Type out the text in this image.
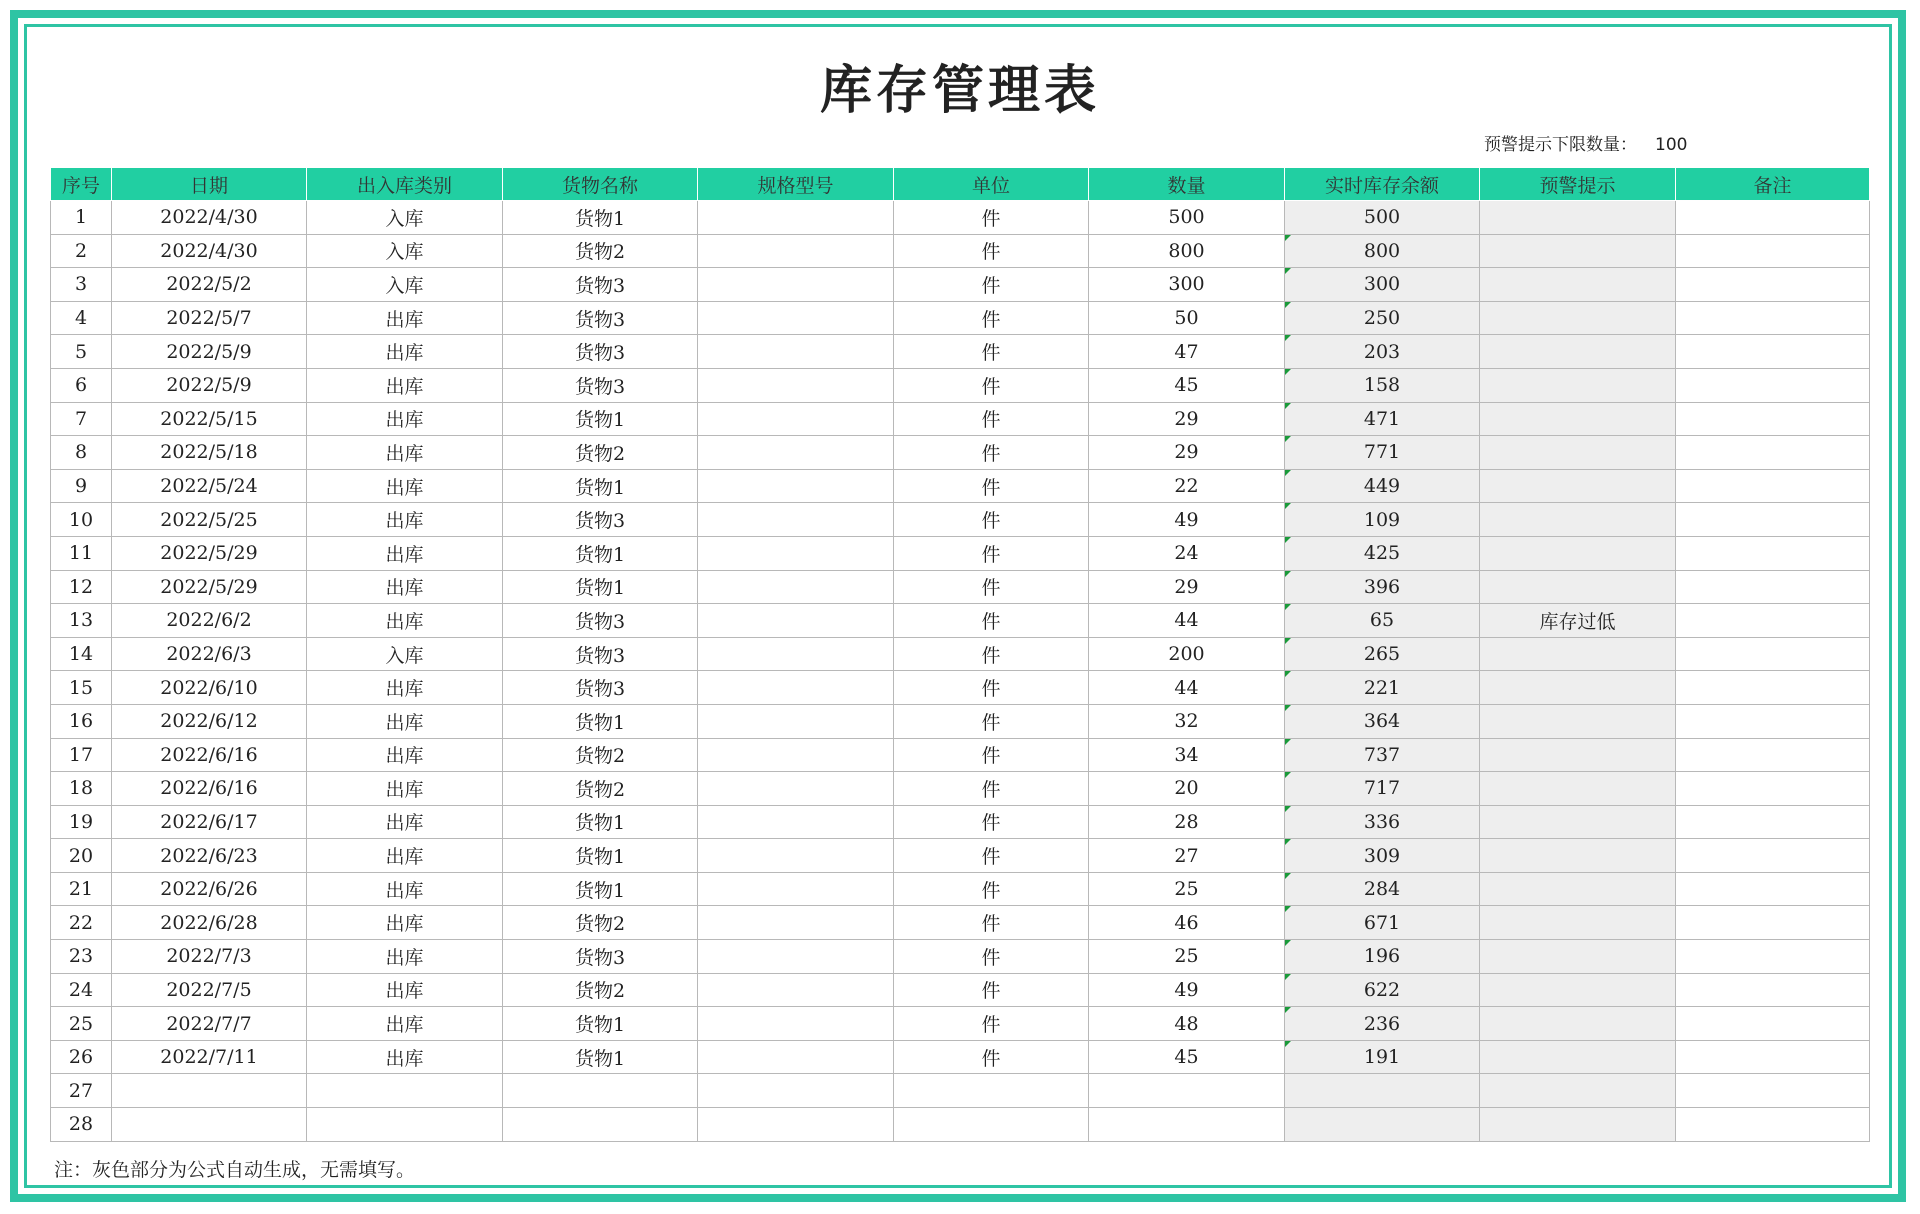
库存管理表
预警提示下限数量： 100
序号	日期	出入库类别	货物名称	规格型号	单位	数量	实时库存余额	预警提示	备注
1	2022/4/30	入库	货物1		件	500	500		
2	2022/4/30	入库	货物2		件	800	800		
3	2022/5/2	入库	货物3		件	300	300		
4	2022/5/7	出库	货物3		件	50	250		
5	2022/5/9	出库	货物3		件	47	203		
6	2022/5/9	出库	货物3		件	45	158		
7	2022/5/15	出库	货物1		件	29	471		
8	2022/5/18	出库	货物2		件	29	771		
9	2022/5/24	出库	货物1		件	22	449		
10	2022/5/25	出库	货物3		件	49	109		
11	2022/5/29	出库	货物1		件	24	425		
12	2022/5/29	出库	货物1		件	29	396		
13	2022/6/2	出库	货物3		件	44	65	库存过低	
14	2022/6/3	入库	货物3		件	200	265		
15	2022/6/10	出库	货物3		件	44	221		
16	2022/6/12	出库	货物1		件	32	364		
17	2022/6/16	出库	货物2		件	34	737		
18	2022/6/16	出库	货物2		件	20	717		
19	2022/6/17	出库	货物1		件	28	336		
20	2022/6/23	出库	货物1		件	27	309		
21	2022/6/26	出库	货物1		件	25	284		
22	2022/6/28	出库	货物2		件	46	671		
23	2022/7/3	出库	货物3		件	25	196		
24	2022/7/5	出库	货物2		件	49	622		
25	2022/7/7	出库	货物1		件	48	236		
26	2022/7/11	出库	货物1		件	45	191		
27									
28									
注：灰色部分为公式自动生成，无需填写。
